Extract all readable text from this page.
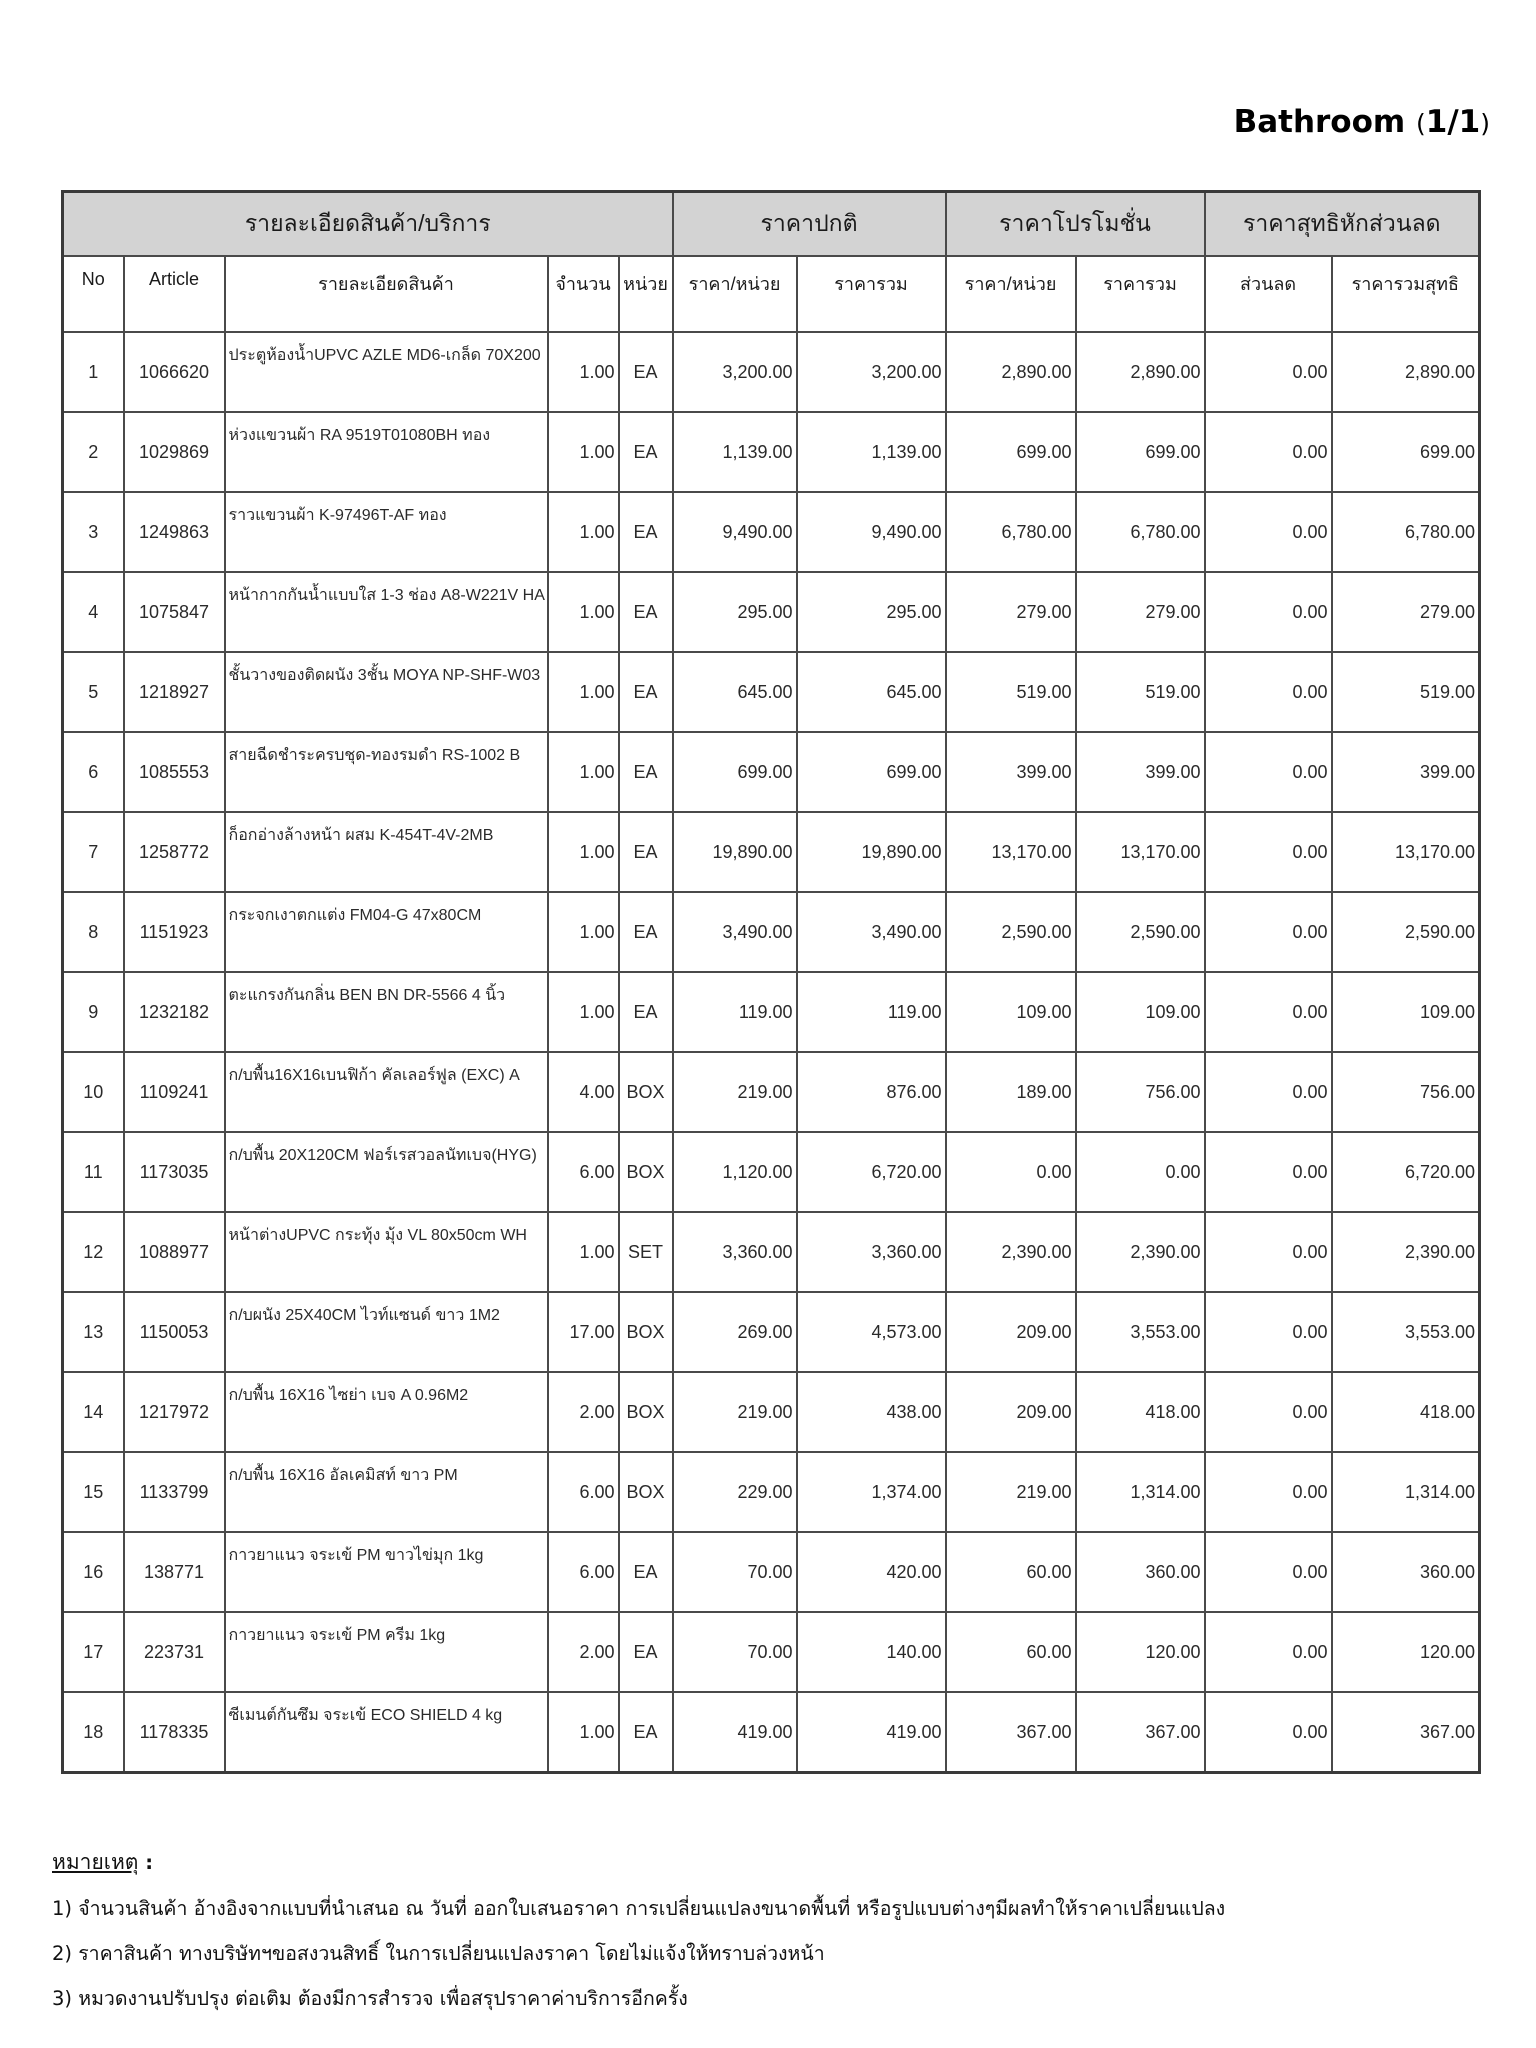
Bathroom (1/1)
รายละเอียดสินค้า/บริการ					ราคาปกติ		ราคาโปรโมชั่น		ราคาสุทธิหักส่วนลด	
No	Article	รายละเอียดสินค้า	จำนวน	หน่วย	ราคา/หน่วย	ราคารวม	ราคา/หน่วย	ราคารวม	ส่วนลด	ราคารวมสุทธิ
1	1066620	ประตูห้องน้ำUPVC AZLE MD6-เกล็ด 70X200	1.00	EA	3,200.00	3,200.00	2,890.00	2,890.00	0.00	2,890.00
2	1029869	ห่วงแขวนผ้า RA 9519T01080BH ทอง	1.00	EA	1,139.00	1,139.00	699.00	699.00	0.00	699.00
3	1249863	ราวแขวนผ้า K-97496T-AF ทอง	1.00	EA	9,490.00	9,490.00	6,780.00	6,780.00	0.00	6,780.00
4	1075847	หน้ากากกันน้ำแบบใส 1-3 ช่อง A8-W221V HA	1.00	EA	295.00	295.00	279.00	279.00	0.00	279.00
5	1218927	ชั้นวางของติดผนัง 3ชั้น MOYA NP-SHF-W03	1.00	EA	645.00	645.00	519.00	519.00	0.00	519.00
6	1085553	สายฉีดชำระครบชุด-ทองรมดำ RS-1002 B	1.00	EA	699.00	699.00	399.00	399.00	0.00	399.00
7	1258772	ก็อกอ่างล้างหน้า ผสม K-454T-4V-2MB	1.00	EA	19,890.00	19,890.00	13,170.00	13,170.00	0.00	13,170.00
8	1151923	กระจกเงาตกแต่ง FM04-G 47x80CM	1.00	EA	3,490.00	3,490.00	2,590.00	2,590.00	0.00	2,590.00
9	1232182	ตะแกรงกันกลิ่น BEN BN DR-5566 4 นิ้ว	1.00	EA	119.00	119.00	109.00	109.00	0.00	109.00
10	1109241	ก/บพื้น16X16เบนฟิก้า คัลเลอร์ฟูล (EXC) A	4.00	BOX	219.00	876.00	189.00	756.00	0.00	756.00
11	1173035	ก/บพื้น 20X120CM ฟอร์เรสวอลนัทเบจ(HYG)	6.00	BOX	1,120.00	6,720.00	0.00	0.00	0.00	6,720.00
12	1088977	หน้าต่างUPVC กระทุ้ง มุ้ง VL 80x50cm WH	1.00	SET	3,360.00	3,360.00	2,390.00	2,390.00	0.00	2,390.00
13	1150053	ก/บผนัง 25X40CM ไวท์แซนด์ ขาว 1M2	17.00	BOX	269.00	4,573.00	209.00	3,553.00	0.00	3,553.00
14	1217972	ก/บพื้น 16X16 ไซย่า เบจ A 0.96M2	2.00	BOX	219.00	438.00	209.00	418.00	0.00	418.00
15	1133799	ก/บพื้น 16X16 อัลเคมิสท์ ขาว PM	6.00	BOX	229.00	1,374.00	219.00	1,314.00	0.00	1,314.00
16	138771	กาวยาแนว จระเข้ PM ขาวไข่มุก 1kg	6.00	EA	70.00	420.00	60.00	360.00	0.00	360.00
17	223731	กาวยาแนว จระเข้ PM ครีม 1kg	2.00	EA	70.00	140.00	60.00	120.00	0.00	120.00
18	1178335	ซีเมนต์กันซึม จระเข้ ECO SHIELD 4 kg	1.00	EA	419.00	419.00	367.00	367.00	0.00	367.00
หมายเหตุ :
1) จำนวนสินค้า อ้างอิงจากแบบที่นำเสนอ ณ วันที่ ออกใบเสนอราคา การเปลี่ยนแปลงขนาดพื้นที่ หรือรูปแบบต่างๆมีผลทำให้ราคาเปลี่ยนแปลง
2) ราคาสินค้า ทางบริษัทฯขอสงวนสิทธิ์ ในการเปลี่ยนแปลงราคา โดยไม่แจ้งให้ทราบล่วงหน้า
3) หมวดงานปรับปรุง ต่อเติม ต้องมีการสำรวจ เพื่อสรุปราคาค่าบริการอีกครั้ง
